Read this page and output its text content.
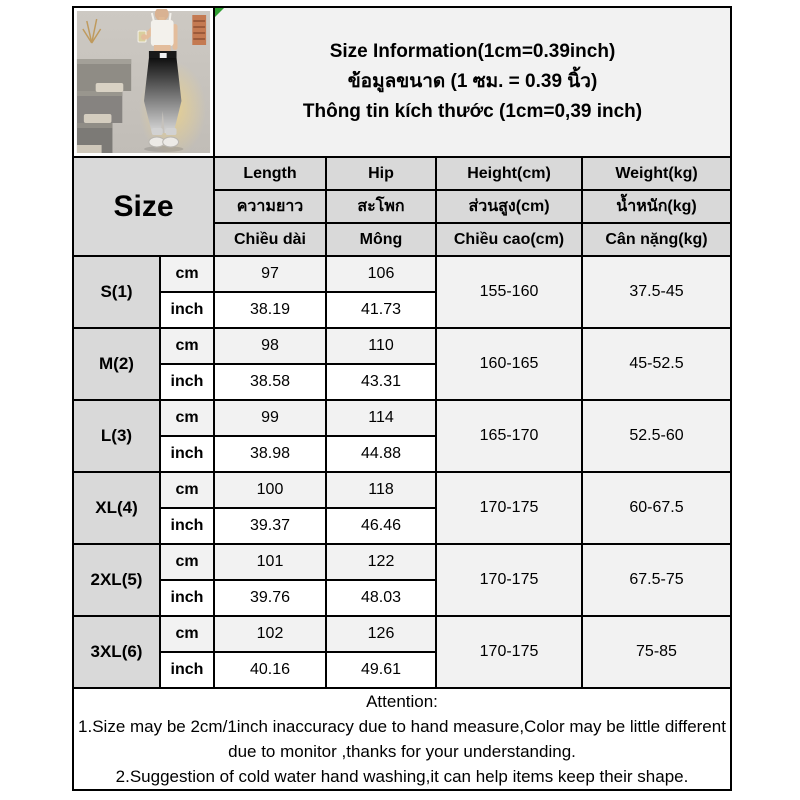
Size Information(1cm=0.39inch)
ข้อมูลขนาด (1 ซม. = 0.39 นิ้ว)
Thông tin kích thước (1cm=0,39 inch)			

Size		Length	Hip	Height(cm)	Weight(kg)
		ความยาว	สะโพก	ส่วนสูง(cm)	น้ำหนัก(kg)
		Chiều dài	Mông	Chiều cao(cm)	Cân nặng(kg)
S(1)	cm	97	106	155-160	37.5-45
	inch	38.19	41.73		
M(2)	cm	98	110	160-165	45-52.5
	inch	38.58	43.31		
L(3)	cm	99	114	165-170	52.5-60
	inch	38.98	44.88		
XL(4)	cm	100	118	170-175	60-67.5
	inch	39.37	46.46		
2XL(5)	cm	101	122	170-175	67.5-75
	inch	39.76	48.03		
3XL(6)	cm	102	126	170-175	75-85
	inch	40.16	49.61		

Attention:
1.Size may be 2cm/1inch inaccuracy due to hand measure,Color may be little different due to monitor ,thanks for your understanding.
2.Suggestion of cold water hand washing,it can help items keep their shape.					
